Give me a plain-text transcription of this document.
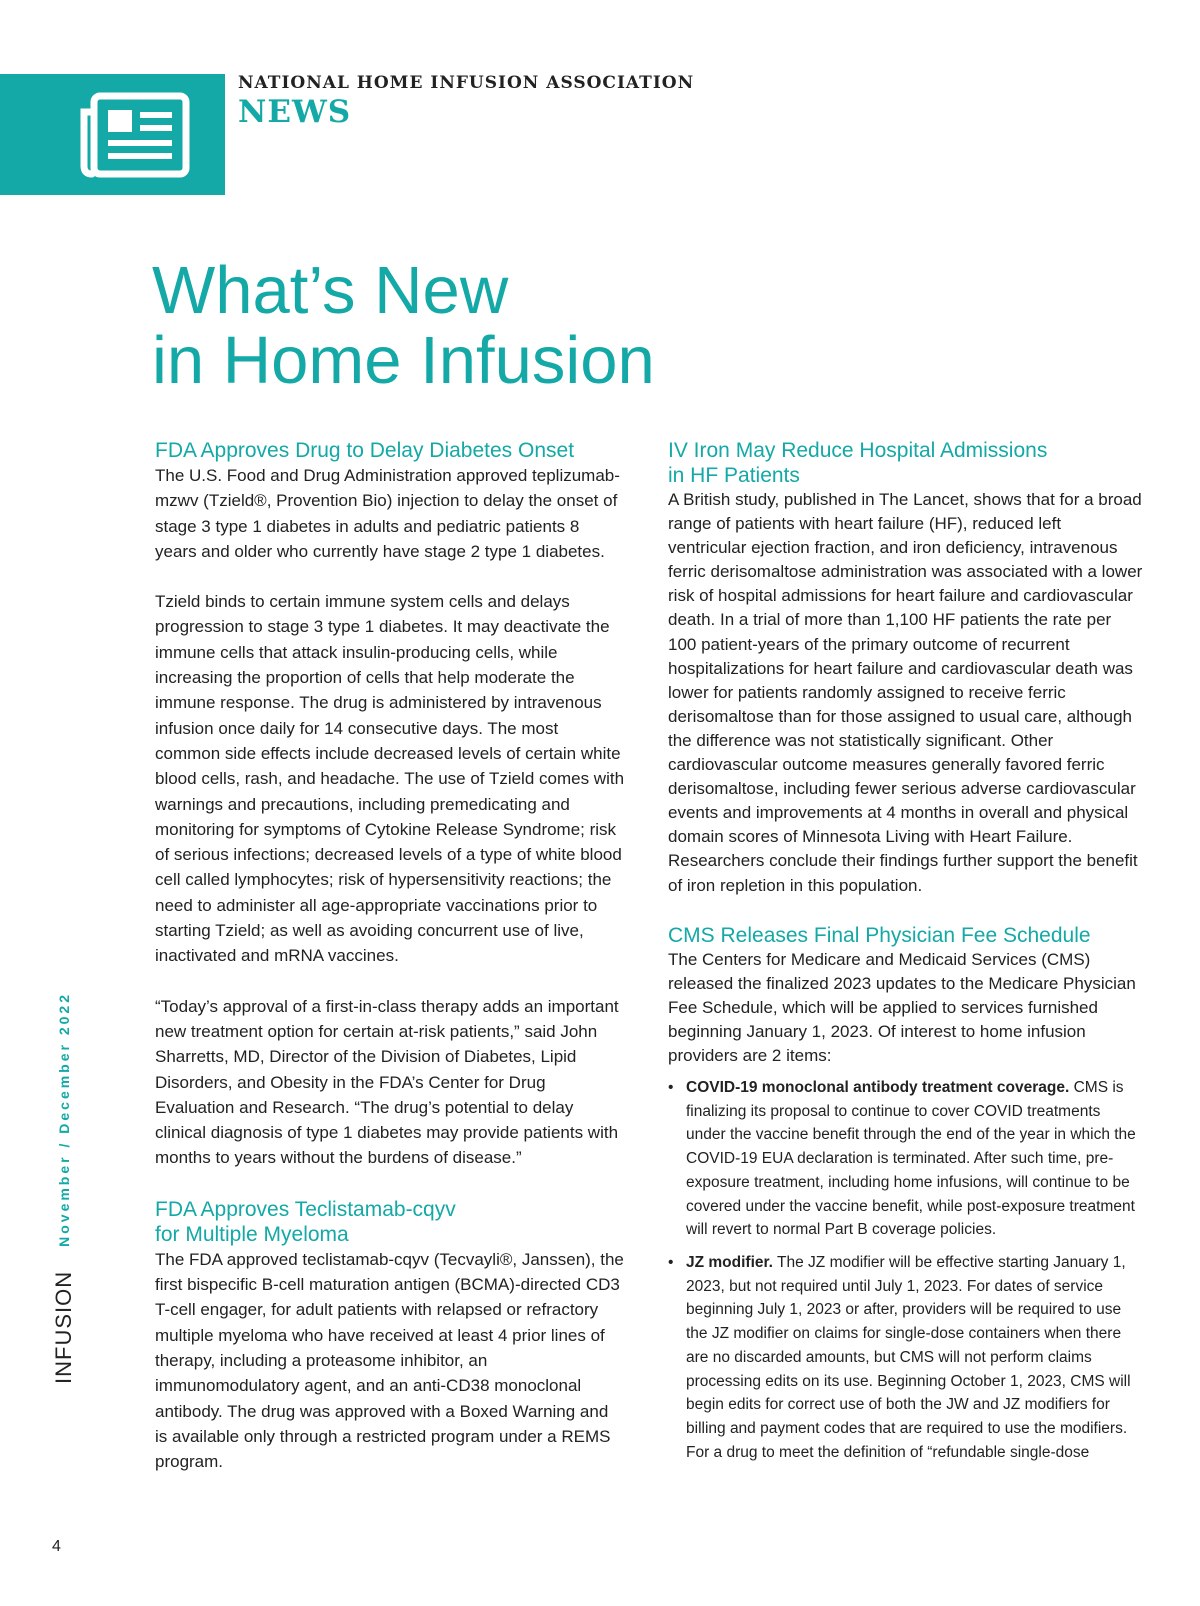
NATIONAL HOME INFUSION ASSOCIATION
NEWS
What’s New
in Home Infusion
FDA Approves Drug to Delay Diabetes Onset

The U.S. Food and Drug Administration approved teplizumab-mzwv (Tzield®, Provention Bio) injection to delay the onset of stage 3 type 1 diabetes in adults and pediatric patients 8 years and older who currently have stage 2 type 1 diabetes.

Tzield binds to certain immune system cells and delays progression to stage 3 type 1 diabetes. It may deactivate the immune cells that attack insulin-producing cells, while increasing the proportion of cells that help moderate the immune response. The drug is administered by intravenous infusion once daily for 14 consecutive days. The most common side effects include decreased levels of certain white blood cells, rash, and headache. The use of Tzield comes with warnings and precautions, including premedicating and monitoring for symptoms of Cytokine Release Syndrome; risk of serious infections; decreased levels of a type of white blood cell called lymphocytes; risk of hypersensitivity reactions; the need to administer all age-appropriate vaccinations prior to starting Tzield; as well as avoiding concurrent use of live, inactivated and mRNA vaccines.

“Today’s approval of a first-in-class therapy adds an important new treatment option for certain at-risk patients,” said John Sharretts, MD, Director of the Division of Diabetes, Lipid Disorders, and Obesity in the FDA’s Center for Drug Evaluation and Research. “The drug’s potential to delay clinical diagnosis of type 1 diabetes may provide patients with months to years without the burdens of disease.”

FDA Approves Teclistamab-cqyv
for Multiple Myeloma

The FDA approved teclistamab-cqyv (Tecvayli®, Janssen), the first bispecific B-cell maturation antigen (BCMA)-directed CD3 T-cell engager, for adult patients with relapsed or refractory multiple myeloma who have received at least 4 prior lines of therapy, including a proteasome inhibitor, an immunomodulatory agent, and an anti-CD38 monoclonal antibody. The drug was approved with a Boxed Warning and is available only through a restricted program under a REMS program.

IV Iron May Reduce Hospital Admissions
in HF Patients

A British study, published in The Lancet, shows that for a broad range of patients with heart failure (HF), reduced left ventricular ejection fraction, and iron deficiency, intravenous ferric derisomaltose administration was associated with a lower risk of hospital admissions for heart failure and cardiovascular death. In a trial of more than 1,100 HF patients the rate per 100 patient-years of the primary outcome of recurrent hospitalizations for heart failure and cardiovascular death was lower for patients randomly assigned to receive ferric derisomaltose than for those assigned to usual care, although the difference was not statistically significant. Other cardiovascular outcome measures generally favored ferric derisomaltose, including fewer serious adverse cardiovascular events and improvements at 4 months in overall and physical domain scores of Minnesota Living with Heart Failure. Researchers conclude their findings further support the benefit of iron repletion in this population.

CMS Releases Final Physician Fee Schedule

The Centers for Medicare and Medicaid Services (CMS) released the finalized 2023 updates to the Medicare Physician Fee Schedule, which will be applied to services furnished beginning January 1, 2023. Of interest to home infusion providers are 2 items:

• COVID-19 monoclonal antibody treatment coverage. CMS is finalizing its proposal to continue to cover COVID treatments under the vaccine benefit through the end of the year in which the COVID-19 EUA declaration is terminated. After such time, pre-exposure treatment, including home infusions, will continue to be covered under the vaccine benefit, while post-exposure treatment will revert to normal Part B coverage policies.
• JZ modifier. The JZ modifier will be effective starting January 1, 2023, but not required until July 1, 2023. For dates of service beginning July 1, 2023 or after, providers will be required to use the JZ modifier on claims for single-dose containers when there are no discarded amounts, but CMS will not perform claims processing edits on its use. Beginning October 1, 2023, CMS will begin edits for correct use of both the JW and JZ modifiers for billing and payment codes that are required to use the modifiers. For a drug to meet the definition of “refundable single-dose
INFUSION
November / December 2022
4
